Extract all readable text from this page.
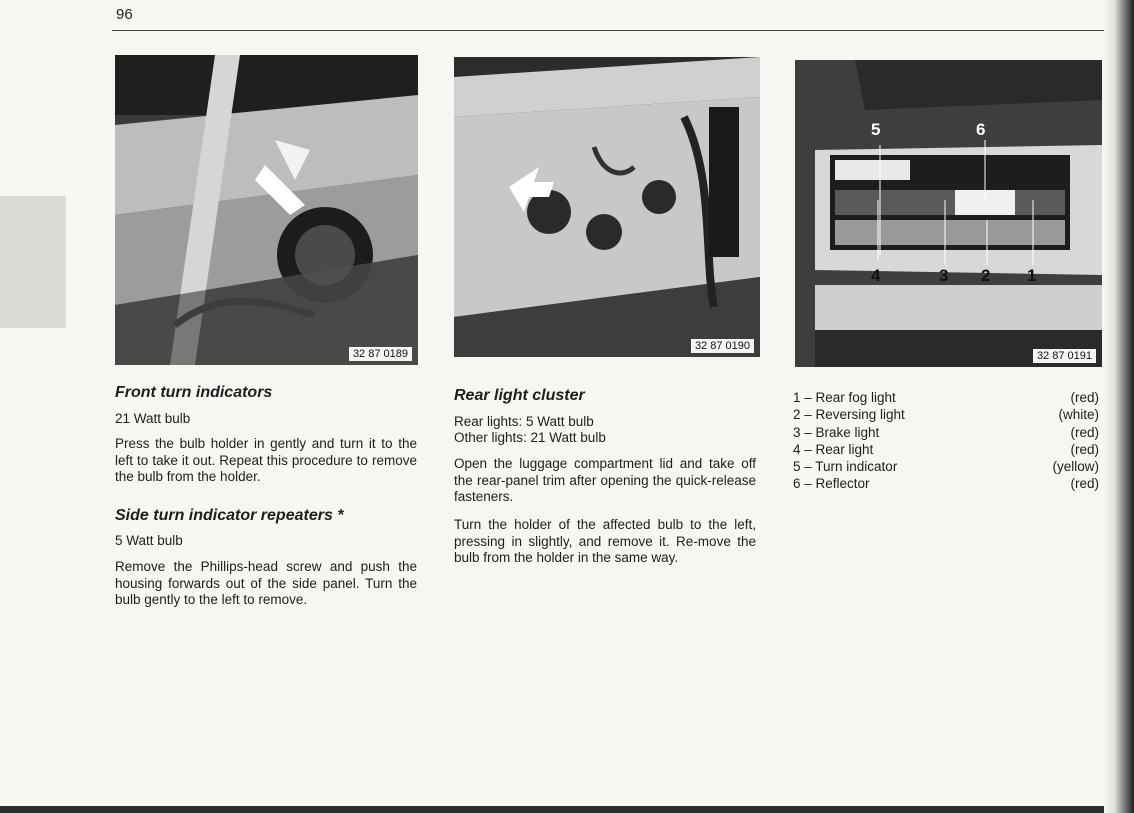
96
32 87 0189
32 87 0190
5	6
4	3 2 1
32 87 0191
Front turn indicators

21 Watt bulb

Press the bulb holder in gently and turn it to the left to take it out. Repeat this procedure to remove the bulb from the holder.

Side turn indicator repeaters *

5 Watt bulb

Remove the Phillips-head screw and push the housing forwards out of the side panel. Turn the bulb gently to the left to remove.

Rear light cluster

Rear lights: 5 Watt bulb

Other lights: 21 Watt bulb

Open the luggage compartment lid and take off the rear-panel trim after opening the quick-release fasteners.

Turn the holder of the affected bulb to the left, pressing in slightly, and remove it. Re-move the bulb from the holder in the same way.

1 – Rear fog light	(red)
2 – Reversing light	(white)
3 – Brake light	(red)
4 – Rear light	(red)
5 – Turn indicator	(yellow)
6 – Reflector	(red)
